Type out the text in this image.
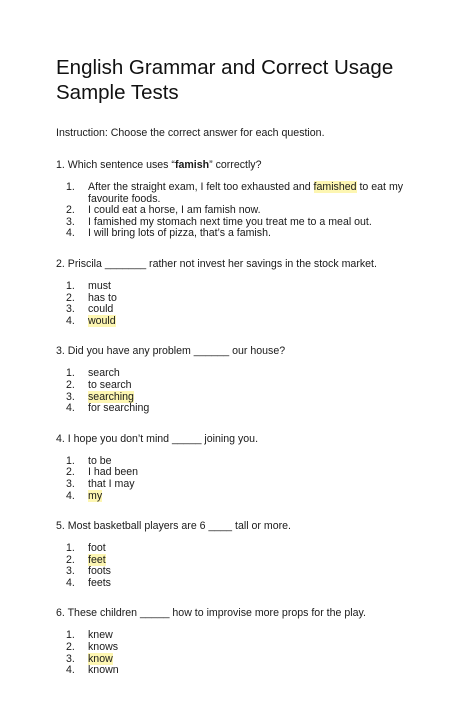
English Grammar and Correct Usage
Sample Tests

Instruction: Choose the correct answer for each question.

1. Which sentence uses “famish” correctly?

1.	After the straight exam, I felt too exhausted and famished to eat my favourite foods.
2.	I could eat a horse, I am famish now.
3.	I famished my stomach next time you treat me to a meal out.
4.	I will bring lots of pizza, that’s a famish.

2. Priscila _______ rather not invest her savings in the stock market.

1.	must
2.	has to
3.	could
4.	would

3. Did you have any problem ______ our house?

1.	search
2.	to search
3.	searching
4.	for searching

4. I hope you don’t mind _____ joining you.

1.	to be
2.	I had been
3.	that I may
4.	my

5. Most basketball players are 6 ____ tall or more.

1.	foot
2.	feet
3.	foots
4.	feets

6. These children _____ how to improvise more props for the play.

1.	knew
2.	knows
3.	know
4.	known
